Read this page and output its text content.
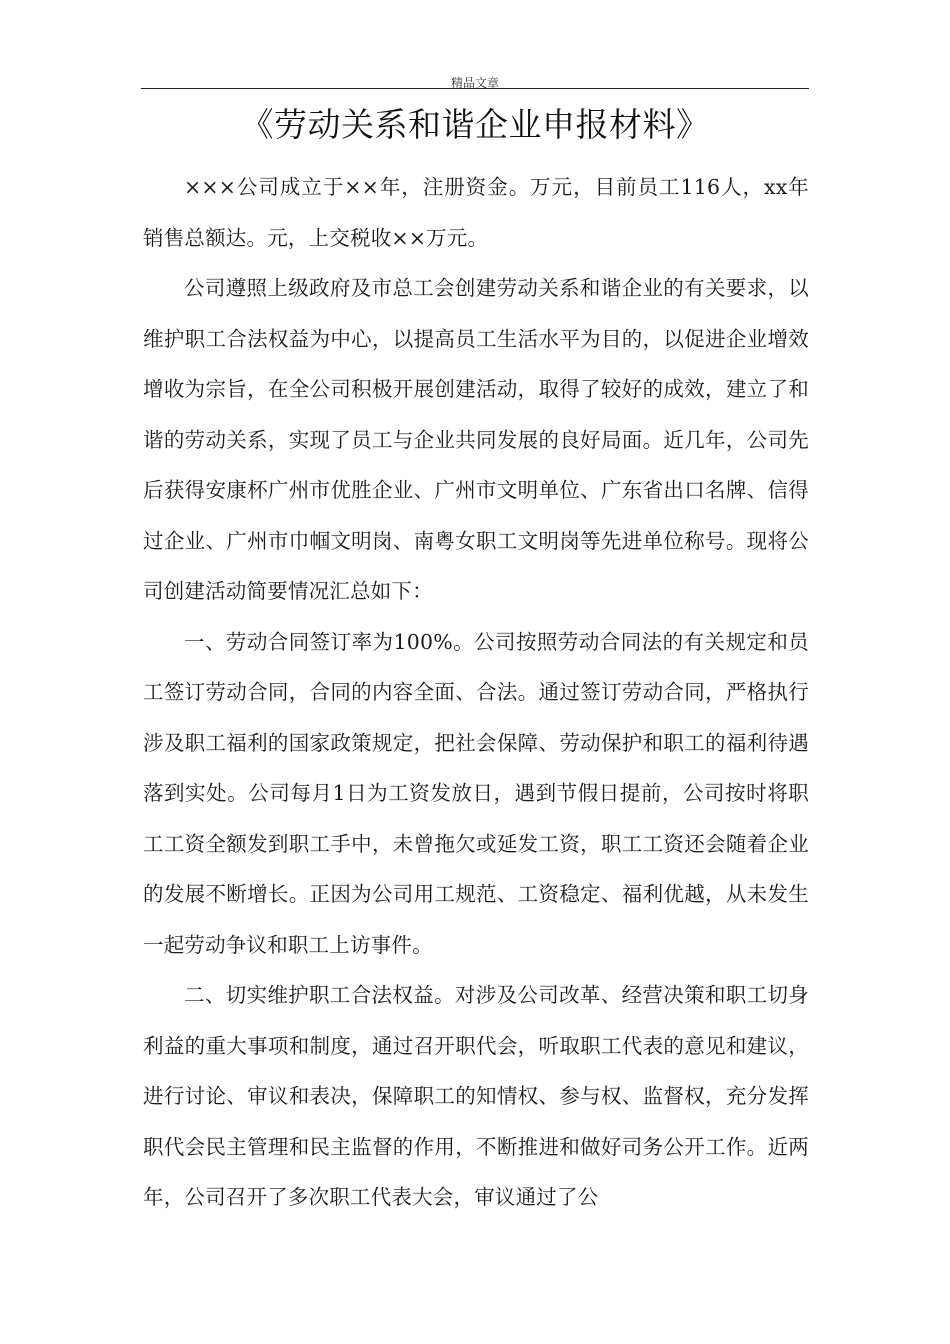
精品文章
《劳动关系和谐企业申报材料》

×××公司成立于××年，注册资金。万元，目前员工116人，xx年销售总额达。元，上交税收××万元。

公司遵照上级政府及市总工会创建劳动关系和谐企业的有关要求，以维护职工合法权益为中心，以提高员工生活水平为目的，以促进企业增效增收为宗旨，在全公司积极开展创建活动，取得了较好的成效，建立了和谐的劳动关系，实现了员工与企业共同发展的良好局面。近几年，公司先后获得安康杯广州市优胜企业、广州市文明单位、广东省出口名牌、信得过企业、广州市巾帼文明岗、南粤女职工文明岗等先进单位称号。现将公司创建活动简要情况汇总如下：

一、劳动合同签订率为100%。公司按照劳动合同法的有关规定和员工签订劳动合同，合同的内容全面、合法。通过签订劳动合同，严格执行涉及职工福利的国家政策规定，把社会保障、劳动保护和职工的福利待遇落到实处。公司每月1日为工资发放日，遇到节假日提前，公司按时将职工工资全额发到职工手中，未曾拖欠或延发工资，职工工资还会随着企业的发展不断增长。正因为公司用工规范、工资稳定、福利优越，从未发生一起劳动争议和职工上访事件。

二、切实维护职工合法权益。对涉及公司改革、经营决策和职工切身利益的重大事项和制度，通过召开职代会，听取职工代表的意见和建议，进行讨论、审议和表决，保障职工的知情权、参与权、监督权，充分发挥职代会民主管理和民主监督的作用，不断推进和做好司务公开工作。近两年，公司召开了多次职工代表大会，审议通过了公
